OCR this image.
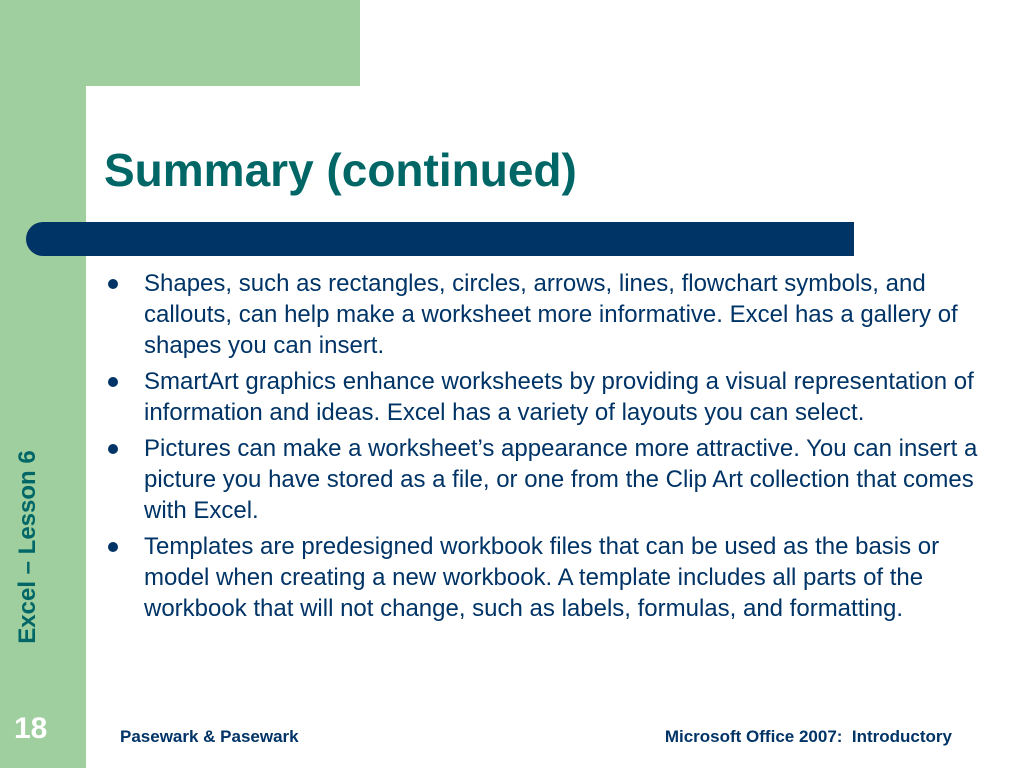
Summary (continued)
Shapes, such as rectangles, circles, arrows, lines, flowchart symbols, and callouts, can help make a worksheet more informative. Excel has a gallery of shapes you can insert.
SmartArt graphics enhance worksheets by providing a visual representation of information and ideas. Excel has a variety of layouts you can select.
Pictures can make a worksheet’s appearance more attractive. You can insert a picture you have stored as a file, or one from the Clip Art collection that comes with Excel.
Templates are predesigned workbook files that can be used as the basis or model when creating a new workbook. A template includes all parts of the workbook that will not change, such as labels, formulas, and formatting.
Excel – Lesson 6
18	Pasewark & Pasewark	Microsoft Office 2007:  Introductory
